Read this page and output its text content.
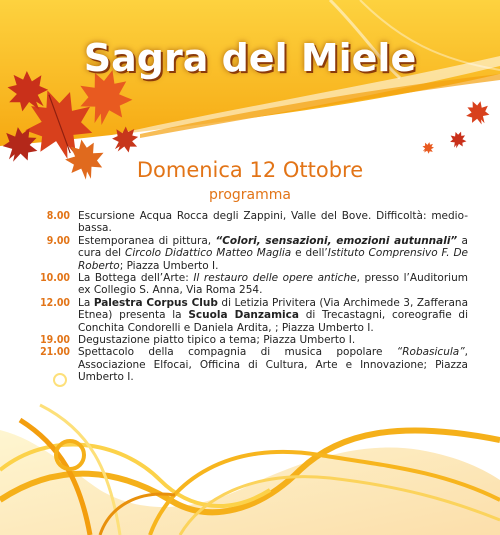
Sagra del Miele
Domenica 12 Ottobre
programma
8.00 Escursione Acqua Rocca degli Zappini, Valle del Bove. Difficoltà: medio-bassa.
9.00 Estemporanea di pittura, “Colori, sensazioni, emozioni autunnali” a cura del Circolo Didattico Matteo Maglia e dell’Istituto Comprensivo F. De Roberto; Piazza Umberto I.
10.00 La Bottega dell’Arte: Il restauro delle opere antiche, presso l’Auditorium ex Collegio S. Anna, Via Roma 254.
12.00 La Palestra Corpus Club di Letizia Privitera (Via Archimede 3, Zafferana Etnea) presenta la Scuola Danzamica di Trecastagni, coreografie di Conchita Condorelli e Daniela Ardita, ; Piazza Umberto I.
19.00 Degustazione piatto tipico a tema; Piazza Umberto I.
21.00 Spettacolo della compagnia di musica popolare “Robasicula”, Associazione Elfocai, Officina di Cultura, Arte e Innovazione; Piazza Umberto I.
